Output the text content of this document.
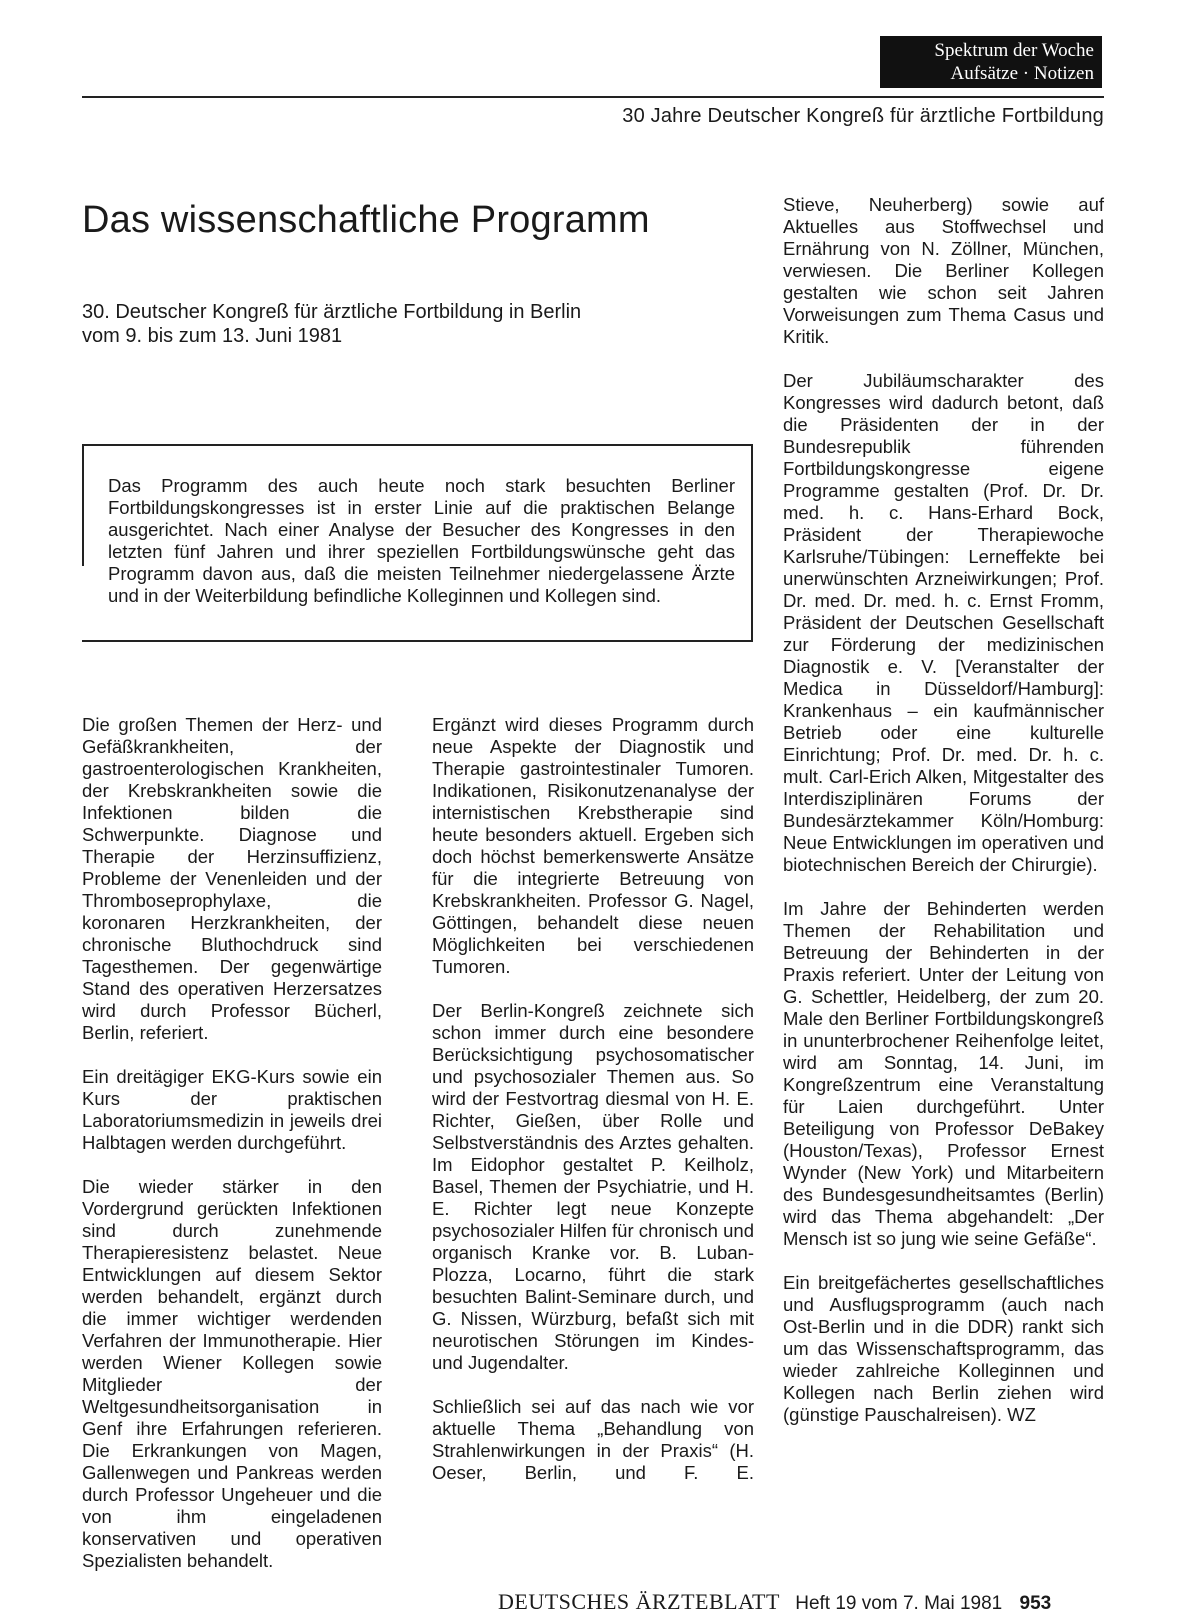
Spektrum der Woche
Aufsätze · Notizen
30 Jahre Deutscher Kongreß für ärztliche Fortbildung
Das wissenschaftliche Programm
30. Deutscher Kongreß für ärztliche Fortbildung in Berlin
vom 9. bis zum 13. Juni 1981
Das Programm des auch heute noch stark besuchten Berliner Fortbildungskongresses ist in erster Linie auf die praktischen Belange ausgerichtet. Nach einer Analyse der Besucher des Kongresses in den letzten fünf Jahren und ihrer speziellen Fortbildungswünsche geht das Programm davon aus, daß die meisten Teilnehmer niedergelassene Ärzte und in der Weiterbildung befindliche Kolleginnen und Kollegen sind.

Die großen Themen der Herz- und Gefäßkrankheiten, der gastroenterologischen Krankheiten, der Krebskrankheiten sowie die Infektionen bilden die Schwerpunkte. Diagnose und Therapie der Herzinsuffizienz, Probleme der Venenleiden und der Thromboseprophylaxe, die koronaren Herzkrankheiten, der chronische Bluthochdruck sind Tagesthemen. Der gegenwärtige Stand des operativen Herzersatzes wird durch Professor Bücherl, Berlin, referiert.

Ein dreitägiger EKG-Kurs sowie ein Kurs der praktischen Laboratoriumsmedizin in jeweils drei Halbtagen werden durchgeführt.

Die wieder stärker in den Vordergrund gerückten Infektionen sind durch zunehmende Therapieresistenz belastet. Neue Entwicklungen auf diesem Sektor werden behandelt, ergänzt durch die immer wichtiger werdenden Verfahren der Immunotherapie. Hier werden Wiener Kollegen sowie Mitglieder der Weltgesundheitsorganisation in Genf ihre Erfahrungen referieren. Die Erkrankungen von Magen, Gallenwegen und Pankreas werden durch Professor Ungeheuer und die von ihm eingeladenen konservativen und operativen Spezialisten behandelt.

Ergänzt wird dieses Programm durch neue Aspekte der Diagnostik und Therapie gastrointestinaler Tumoren. Indikationen, Risikonutzenanalyse der internistischen Krebstherapie sind heute besonders aktuell. Ergeben sich doch höchst bemerkenswerte Ansätze für die integrierte Betreuung von Krebskrankheiten. Professor G. Nagel, Göttingen, behandelt diese neuen Möglichkeiten bei verschiedenen Tumoren.

Der Berlin-Kongreß zeichnete sich schon immer durch eine besondere Berücksichtigung psychosomatischer und psychosozialer Themen aus. So wird der Festvortrag diesmal von H. E. Richter, Gießen, über Rolle und Selbstverständnis des Arztes gehalten. Im Eidophor gestaltet P. Keilholz, Basel, Themen der Psychiatrie, und H. E. Richter legt neue Konzepte psychosozialer Hilfen für chronisch und organisch Kranke vor. B. Luban-Plozza, Locarno, führt die stark besuchten Balint-Seminare durch, und G. Nissen, Würzburg, befaßt sich mit neurotischen Störungen im Kindes- und Jugendalter.

Schließlich sei auf das nach wie vor aktuelle Thema „Behandlung von Strahlenwirkungen in der Praxis“ (H. Oeser, Berlin, und F. E.

Stieve, Neuherberg) sowie auf Aktuelles aus Stoffwechsel und Ernährung von N. Zöllner, München, verwiesen. Die Berliner Kollegen gestalten wie schon seit Jahren Vorweisungen zum Thema Casus und Kritik.

Der Jubiläumscharakter des Kongresses wird dadurch betont, daß die Präsidenten der in der Bundesrepublik führenden Fortbildungskongresse eigene Programme gestalten (Prof. Dr. Dr. med. h. c. Hans-Erhard Bock, Präsident der Therapiewoche Karlsruhe/Tübingen: Lerneffekte bei unerwünschten Arzneiwirkungen; Prof. Dr. med. Dr. med. h. c. Ernst Fromm, Präsident der Deutschen Gesellschaft zur Förderung der medizinischen Diagnostik e. V. [Veranstalter der Medica in Düsseldorf/Hamburg]: Krankenhaus – ein kaufmännischer Betrieb oder eine kulturelle Einrichtung; Prof. Dr. med. Dr. h. c. mult. Carl-Erich Alken, Mitgestalter des Interdisziplinären Forums der Bundesärztekammer Köln/Homburg: Neue Entwicklungen im operativen und biotechnischen Bereich der Chirurgie).

Im Jahre der Behinderten werden Themen der Rehabilitation und Betreuung der Behinderten in der Praxis referiert. Unter der Leitung von G. Schettler, Heidelberg, der zum 20. Male den Berliner Fortbildungskongreß in ununterbrochener Reihenfolge leitet, wird am Sonntag, 14. Juni, im Kongreßzentrum eine Veranstaltung für Laien durchgeführt. Unter Beteiligung von Professor DeBakey (Houston/Texas), Professor Ernest Wynder (New York) und Mitarbeitern des Bundesgesundheitsamtes (Berlin) wird das Thema abgehandelt: „Der Mensch ist so jung wie seine Gefäße“.

Ein breitgefächertes gesellschaftliches und Ausflugsprogramm (auch nach Ost-Berlin und in die DDR) rankt sich um das Wissenschaftsprogramm, das wieder zahlreiche Kolleginnen und Kollegen nach Berlin ziehen wird (günstige Pauschalreisen). WZ

DEUTSCHES ÄRZTEBLATT Heft 19 vom 7. Mai 1981 953
